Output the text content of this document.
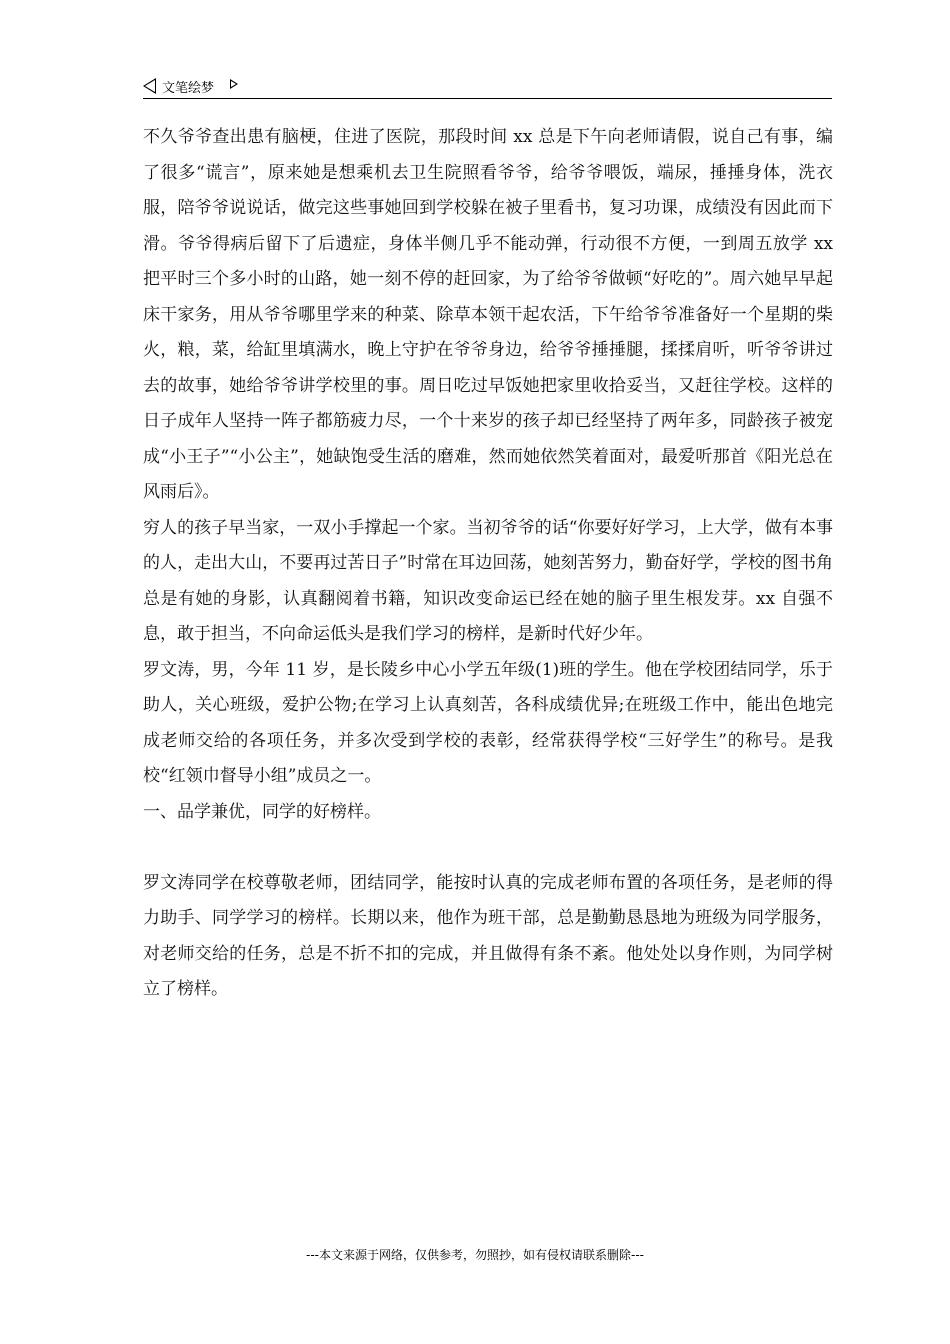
文笔绘梦

不久爷爷查出患有脑梗，住进了医院，那段时间 xx 总是下午向老师请假，说自己有事，编了很多“谎言”，原来她是想乘机去卫生院照看爷爷，给爷爷喂饭，端尿，捶捶身体，洗衣服，陪爷爷说说话，做完这些事她回到学校躲在被子里看书，复习功课，成绩没有因此而下滑。爷爷得病后留下了后遗症，身体半侧几乎不能动弹，行动很不方便，一到周五放学 xx 把平时三个多小时的山路，她一刻不停的赶回家，为了给爷爷做顿“好吃的”。周六她早早起床干家务，用从爷爷哪里学来的种菜、除草本领干起农活，下午给爷爷准备好一个星期的柴火，粮，菜，给缸里填满水，晚上守护在爷爷身边，给爷爷捶捶腿，揉揉肩听，听爷爷讲过去的故事，她给爷爷讲学校里的事。周日吃过早饭她把家里收拾妥当，又赶往学校。这样的日子成年人坚持一阵子都筋疲力尽，一个十来岁的孩子却已经坚持了两年多，同龄孩子被宠成“小王子”“小公主”，她缺饱受生活的磨难，然而她依然笑着面对，最爱听那首《阳光总在风雨后》。

穷人的孩子早当家，一双小手撑起一个家。当初爷爷的话“你要好好学习，上大学，做有本事的人，走出大山，不要再过苦日子”时常在耳边回荡，她刻苦努力，勤奋好学，学校的图书角总是有她的身影，认真翻阅着书籍，知识改变命运已经在她的脑子里生根发芽。xx 自强不息，敢于担当，不向命运低头是我们学习的榜样，是新时代好少年。

罗文涛，男，今年 11 岁，是长陵乡中心小学五年级(1)班的学生。他在学校团结同学，乐于助人，关心班级，爱护公物;在学习上认真刻苦，各科成绩优异;在班级工作中，能出色地完成老师交给的各项任务，并多次受到学校的表彰，经常获得学校“三好学生”的称号。是我校“红领巾督导小组”成员之一。

一、品学兼优，同学的好榜样。

罗文涛同学在校尊敬老师，团结同学，能按时认真的完成老师布置的各项任务，是老师的得力助手、同学学习的榜样。长期以来，他作为班干部，总是勤勤恳恳地为班级为同学服务，对老师交给的任务，总是不折不扣的完成，并且做得有条不紊。他处处以身作则，为同学树立了榜样。

---本文来源于网络，仅供参考，勿照抄，如有侵权请联系删除---
